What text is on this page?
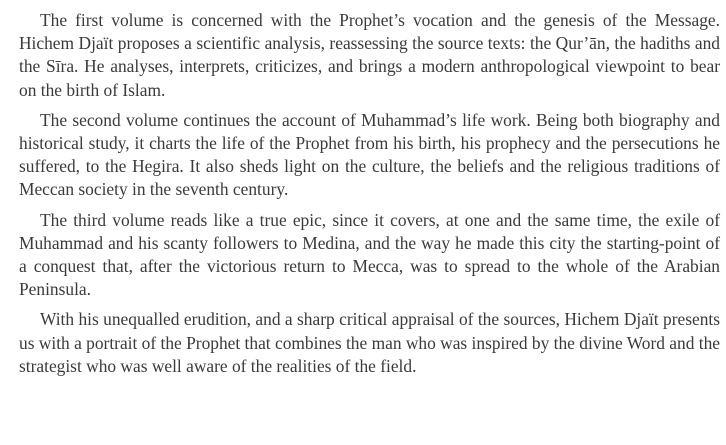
The first volume is concerned with the Prophet’s vocation and the genesis of the Message. Hichem Djaït proposes a scientific analysis, reassessing the source texts: the Qur’ān, the hadiths and the Sīra. He analyses, interprets, criticizes, and brings a modern anthropological viewpoint to bear on the birth of Islam.

The second volume continues the account of Muhammad’s life work. Being both biography and historical study, it charts the life of the Prophet from his birth, his prophecy and the persecutions he suffered, to the Hegira. It also sheds light on the culture, the beliefs and the religious traditions of Meccan society in the seventh century.

The third volume reads like a true epic, since it covers, at one and the same time, the exile of Muhammad and his scanty followers to Medina, and the way he made this city the starting-point of a conquest that, after the victorious return to Mecca, was to spread to the whole of the Arabian Peninsula.

With his unequalled erudition, and a sharp critical appraisal of the sources, Hichem Djaït presents us with a portrait of the Prophet that combines the man who was inspired by the divine Word and the strategist who was well aware of the realities of the field.
